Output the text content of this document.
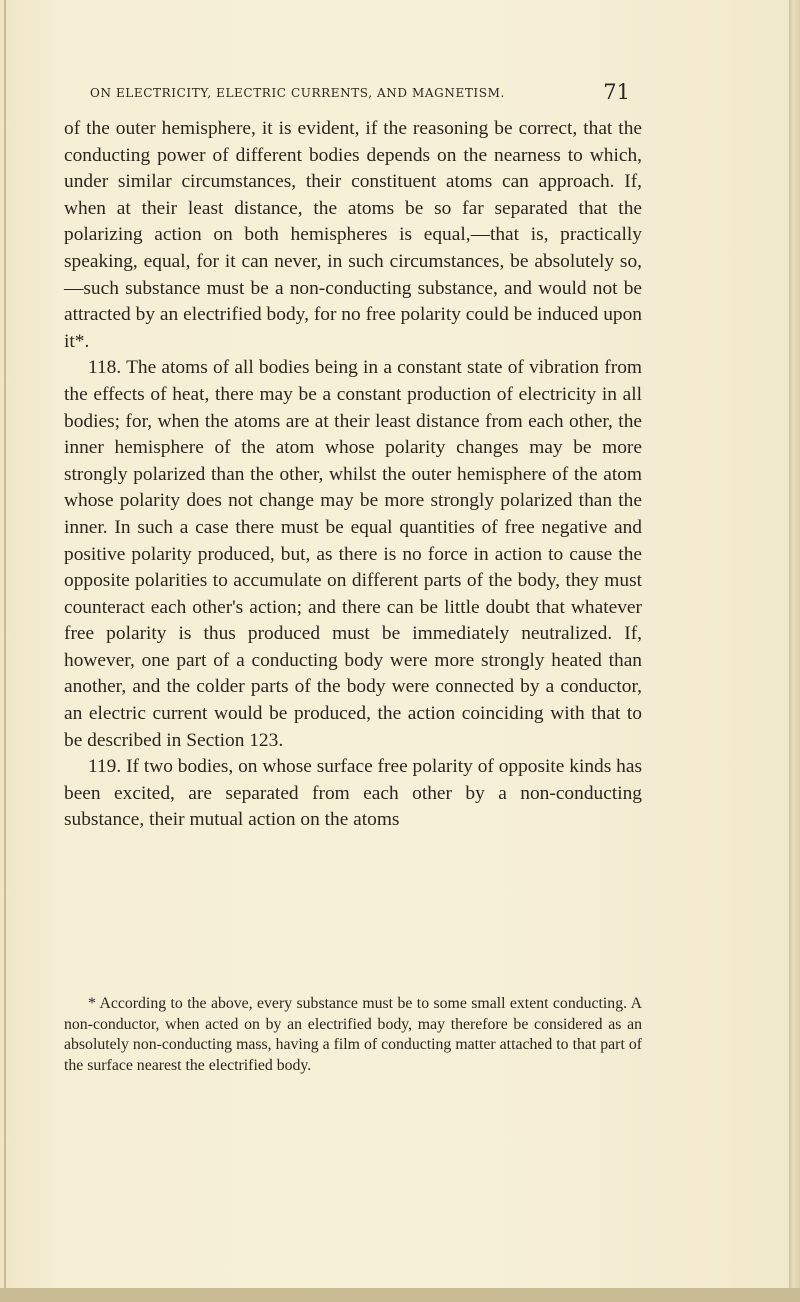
ON ELECTRICITY, ELECTRIC CURRENTS, AND MAGNETISM.	71

of the outer hemisphere, it is evident, if the reasoning be correct, that the conducting power of different bodies depends on the nearness to which, under similar circumstances, their constituent atoms can approach. If, when at their least distance, the atoms be so far separated that the polarizing action on both hemispheres is equal,—that is, practically speaking, equal, for it can never, in such circumstances, be absolutely so,—such substance must be a non-conducting substance, and would not be attracted by an electrified body, for no free polarity could be induced upon it*.

118. The atoms of all bodies being in a constant state of vibration from the effects of heat, there may be a constant production of electricity in all bodies; for, when the atoms are at their least distance from each other, the inner hemisphere of the atom whose polarity changes may be more strongly polarized than the other, whilst the outer hemisphere of the atom whose polarity does not change may be more strongly polarized than the inner. In such a case there must be equal quantities of free negative and positive polarity produced, but, as there is no force in action to cause the opposite polarities to accumulate on different parts of the body, they must counteract each other's action; and there can be little doubt that whatever free polarity is thus produced must be immediately neutralized. If, however, one part of a conducting body were more strongly heated than another, and the colder parts of the body were connected by a conductor, an electric current would be produced, the action coinciding with that to be described in Section 123.

119. If two bodies, on whose surface free polarity of opposite kinds has been excited, are separated from each other by a non-conducting substance, their mutual action on the atoms

* According to the above, every substance must be to some small extent conducting. A non-conductor, when acted on by an electrified body, may therefore be considered as an absolutely non-conducting mass, having a film of conducting matter attached to that part of the surface nearest the electrified body.
